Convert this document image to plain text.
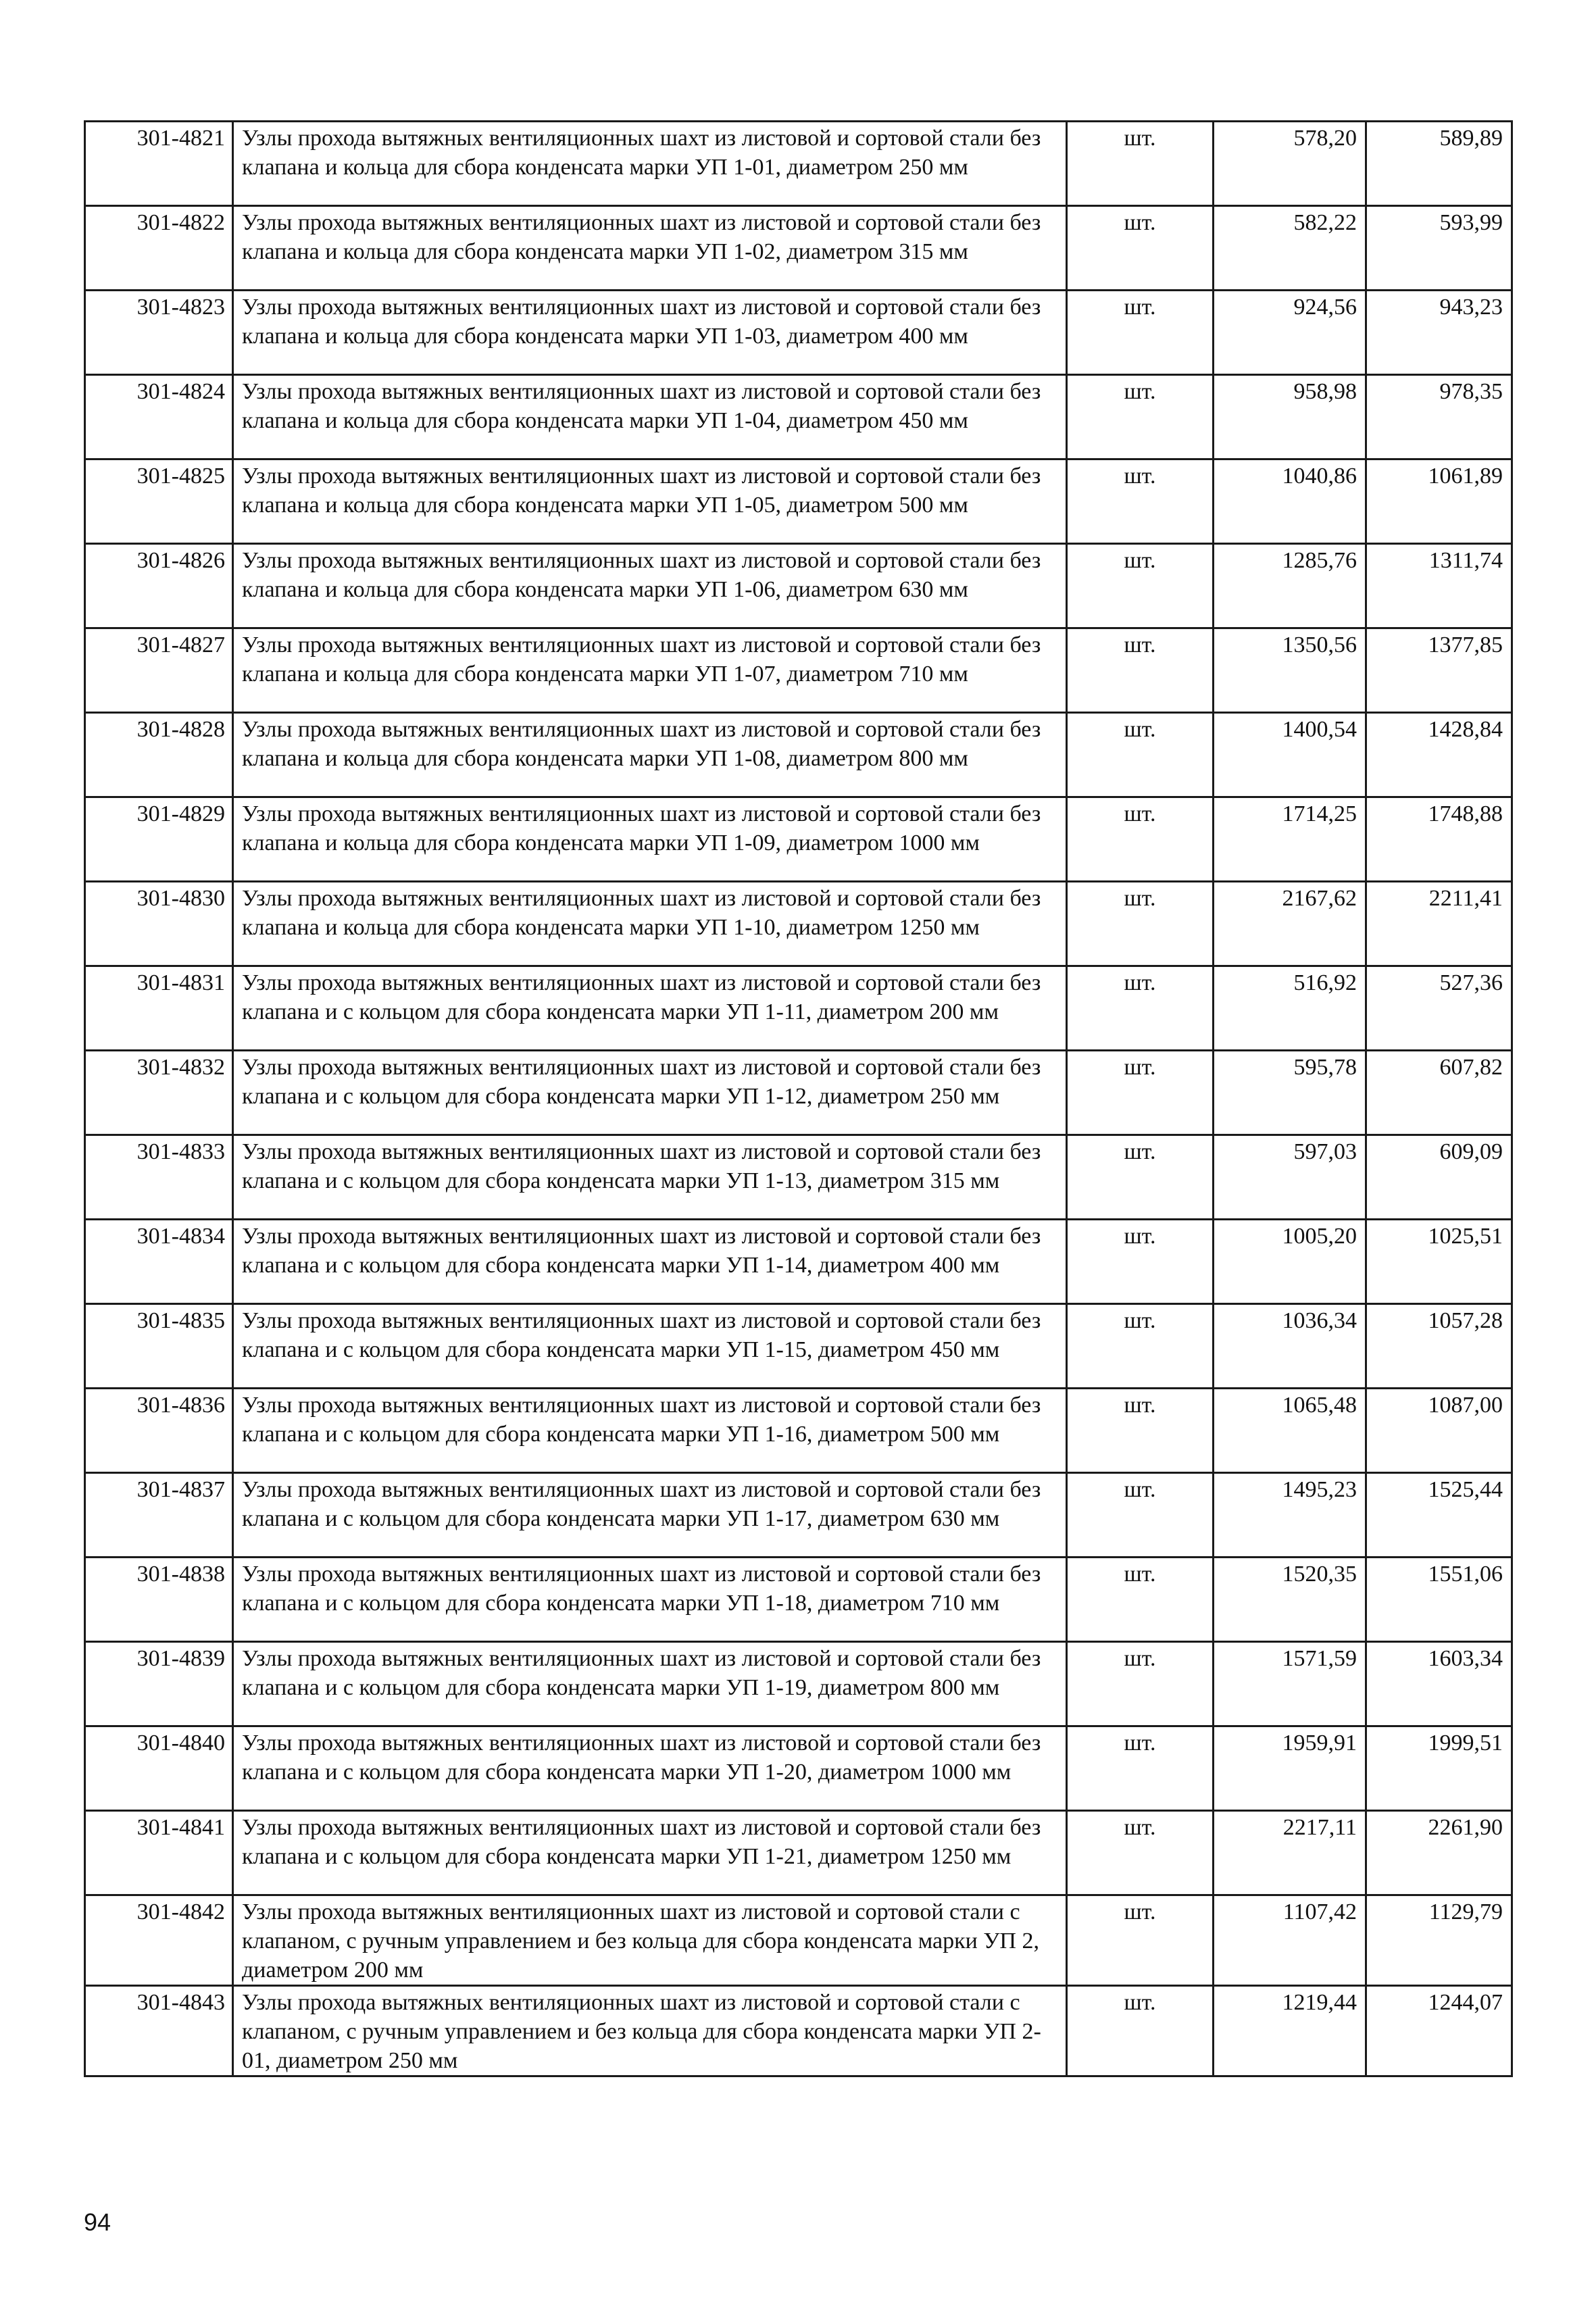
301-4821	Узлы прохода вытяжных вентиляционных шахт из листовой и сортовой стали без клапана и кольца для сбора конденсата марки УП 1-01, диаметром 250 мм	шт.	578,20	589,89
301-4822	Узлы прохода вытяжных вентиляционных шахт из листовой и сортовой стали без клапана и кольца для сбора конденсата марки УП 1-02, диаметром 315 мм	шт.	582,22	593,99
301-4823	Узлы прохода вытяжных вентиляционных шахт из листовой и сортовой стали без клапана и кольца для сбора конденсата марки УП 1-03, диаметром 400 мм	шт.	924,56	943,23
301-4824	Узлы прохода вытяжных вентиляционных шахт из листовой и сортовой стали без клапана и кольца для сбора конденсата марки УП 1-04, диаметром 450 мм	шт.	958,98	978,35
301-4825	Узлы прохода вытяжных вентиляционных шахт из листовой и сортовой стали без клапана и кольца для сбора конденсата марки УП 1-05, диаметром 500 мм	шт.	1040,86	1061,89
301-4826	Узлы прохода вытяжных вентиляционных шахт из листовой и сортовой стали без клапана и кольца для сбора конденсата марки УП 1-06, диаметром 630 мм	шт.	1285,76	1311,74
301-4827	Узлы прохода вытяжных вентиляционных шахт из листовой и сортовой стали без клапана и кольца для сбора конденсата марки УП 1-07, диаметром 710 мм	шт.	1350,56	1377,85
301-4828	Узлы прохода вытяжных вентиляционных шахт из листовой и сортовой стали без клапана и кольца для сбора конденсата марки УП 1-08, диаметром 800 мм	шт.	1400,54	1428,84
301-4829	Узлы прохода вытяжных вентиляционных шахт из листовой и сортовой стали без клапана и кольца для сбора конденсата марки УП 1-09, диаметром 1000 мм	шт.	1714,25	1748,88
301-4830	Узлы прохода вытяжных вентиляционных шахт из листовой и сортовой стали без клапана и кольца для сбора конденсата марки УП 1-10, диаметром 1250 мм	шт.	2167,62	2211,41
301-4831	Узлы прохода вытяжных вентиляционных шахт из листовой и сортовой стали без клапана и с кольцом для сбора конденсата марки УП 1-11, диаметром 200 мм	шт.	516,92	527,36
301-4832	Узлы прохода вытяжных вентиляционных шахт из листовой и сортовой стали без клапана и с кольцом для сбора конденсата марки УП 1-12, диаметром 250 мм	шт.	595,78	607,82
301-4833	Узлы прохода вытяжных вентиляционных шахт из листовой и сортовой стали без клапана и с кольцом для сбора конденсата марки УП 1-13, диаметром 315 мм	шт.	597,03	609,09
301-4834	Узлы прохода вытяжных вентиляционных шахт из листовой и сортовой стали без клапана и с кольцом для сбора конденсата марки УП 1-14, диаметром 400 мм	шт.	1005,20	1025,51
301-4835	Узлы прохода вытяжных вентиляционных шахт из листовой и сортовой стали без клапана и с кольцом для сбора конденсата марки УП 1-15, диаметром 450 мм	шт.	1036,34	1057,28
301-4836	Узлы прохода вытяжных вентиляционных шахт из листовой и сортовой стали без клапана и с кольцом для сбора конденсата марки УП 1-16, диаметром 500 мм	шт.	1065,48	1087,00
301-4837	Узлы прохода вытяжных вентиляционных шахт из листовой и сортовой стали без клапана и с кольцом для сбора конденсата марки УП 1-17, диаметром 630 мм	шт.	1495,23	1525,44
301-4838	Узлы прохода вытяжных вентиляционных шахт из листовой и сортовой стали без клапана и с кольцом для сбора конденсата марки УП 1-18, диаметром 710 мм	шт.	1520,35	1551,06
301-4839	Узлы прохода вытяжных вентиляционных шахт из листовой и сортовой стали без клапана и с кольцом для сбора конденсата марки УП 1-19, диаметром 800 мм	шт.	1571,59	1603,34
301-4840	Узлы прохода вытяжных вентиляционных шахт из листовой и сортовой стали без клапана и с кольцом для сбора конденсата марки УП 1-20, диаметром 1000 мм	шт.	1959,91	1999,51
301-4841	Узлы прохода вытяжных вентиляционных шахт из листовой и сортовой стали без клапана и с кольцом для сбора конденсата марки УП 1-21, диаметром 1250 мм	шт.	2217,11	2261,90
301-4842	Узлы прохода вытяжных вентиляционных шахт из листовой и сортовой стали с клапаном, с ручным управлением и без кольца для сбора конденсата марки УП 2, диаметром 200 мм	шт.	1107,42	1129,79
301-4843	Узлы прохода вытяжных вентиляционных шахт из листовой и сортовой стали с клапаном, с ручным управлением и без кольца для сбора конденсата марки УП 2-01, диаметром 250 мм	шт.	1219,44	1244,07
94
